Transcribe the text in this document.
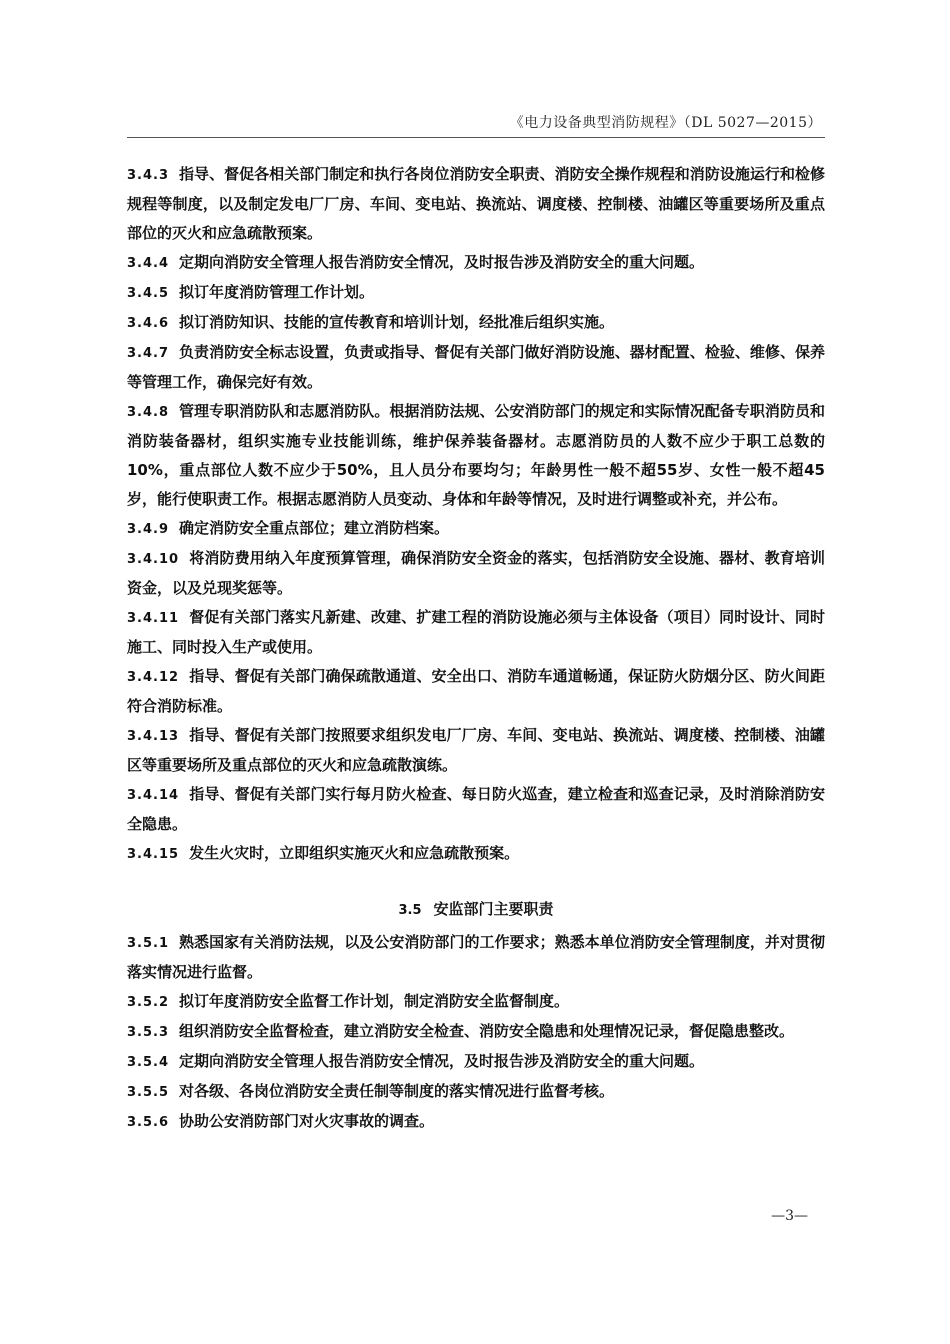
《电力设备典型消防规程》（DL 5027—2015）

3.4.3 指导、督促各相关部门制定和执行各岗位消防安全职责、消防安全操作规程和消防设施运行和检修规程等制度，以及制定发电厂厂房、车间、变电站、换流站、调度楼、控制楼、油罐区等重要场所及重点部位的灭火和应急疏散预案。

3.4.4 定期向消防安全管理人报告消防安全情况，及时报告涉及消防安全的重大问题。

3.4.5 拟订年度消防管理工作计划。

3.4.6 拟订消防知识、技能的宣传教育和培训计划，经批准后组织实施。

3.4.7 负责消防安全标志设置，负责或指导、督促有关部门做好消防设施、器材配置、检验、维修、保养等管理工作，确保完好有效。

3.4.8 管理专职消防队和志愿消防队。根据消防法规、公安消防部门的规定和实际情况配备专职消防员和消防装备器材，组织实施专业技能训练，维护保养装备器材。志愿消防员的人数不应少于职工总数的10%，重点部位人数不应少于50%，且人员分布要均匀；年龄男性一般不超55岁、女性一般不超45岁，能行使职责工作。根据志愿消防人员变动、身体和年龄等情况，及时进行调整或补充，并公布。

3.4.9 确定消防安全重点部位；建立消防档案。

3.4.10 将消防费用纳入年度预算管理，确保消防安全资金的落实，包括消防安全设施、器材、教育培训资金，以及兑现奖惩等。

3.4.11 督促有关部门落实凡新建、改建、扩建工程的消防设施必须与主体设备（项目）同时设计、同时施工、同时投入生产或使用。

3.4.12 指导、督促有关部门确保疏散通道、安全出口、消防车通道畅通，保证防火防烟分区、防火间距符合消防标准。

3.4.13 指导、督促有关部门按照要求组织发电厂厂房、车间、变电站、换流站、调度楼、控制楼、油罐区等重要场所及重点部位的灭火和应急疏散演练。

3.4.14 指导、督促有关部门实行每月防火检查、每日防火巡查，建立检查和巡查记录，及时消除消防安全隐患。

3.4.15 发生火灾时，立即组织实施灭火和应急疏散预案。

3.5 安监部门主要职责

3.5.1 熟悉国家有关消防法规，以及公安消防部门的工作要求；熟悉本单位消防安全管理制度，并对贯彻落实情况进行监督。

3.5.2 拟订年度消防安全监督工作计划，制定消防安全监督制度。

3.5.3 组织消防安全监督检查，建立消防安全检查、消防安全隐患和处理情况记录，督促隐患整改。

3.5.4 定期向消防安全管理人报告消防安全情况，及时报告涉及消防安全的重大问题。

3.5.5 对各级、各岗位消防安全责任制等制度的落实情况进行监督考核。

3.5.6 协助公安消防部门对火灾事故的调查。

—3—
